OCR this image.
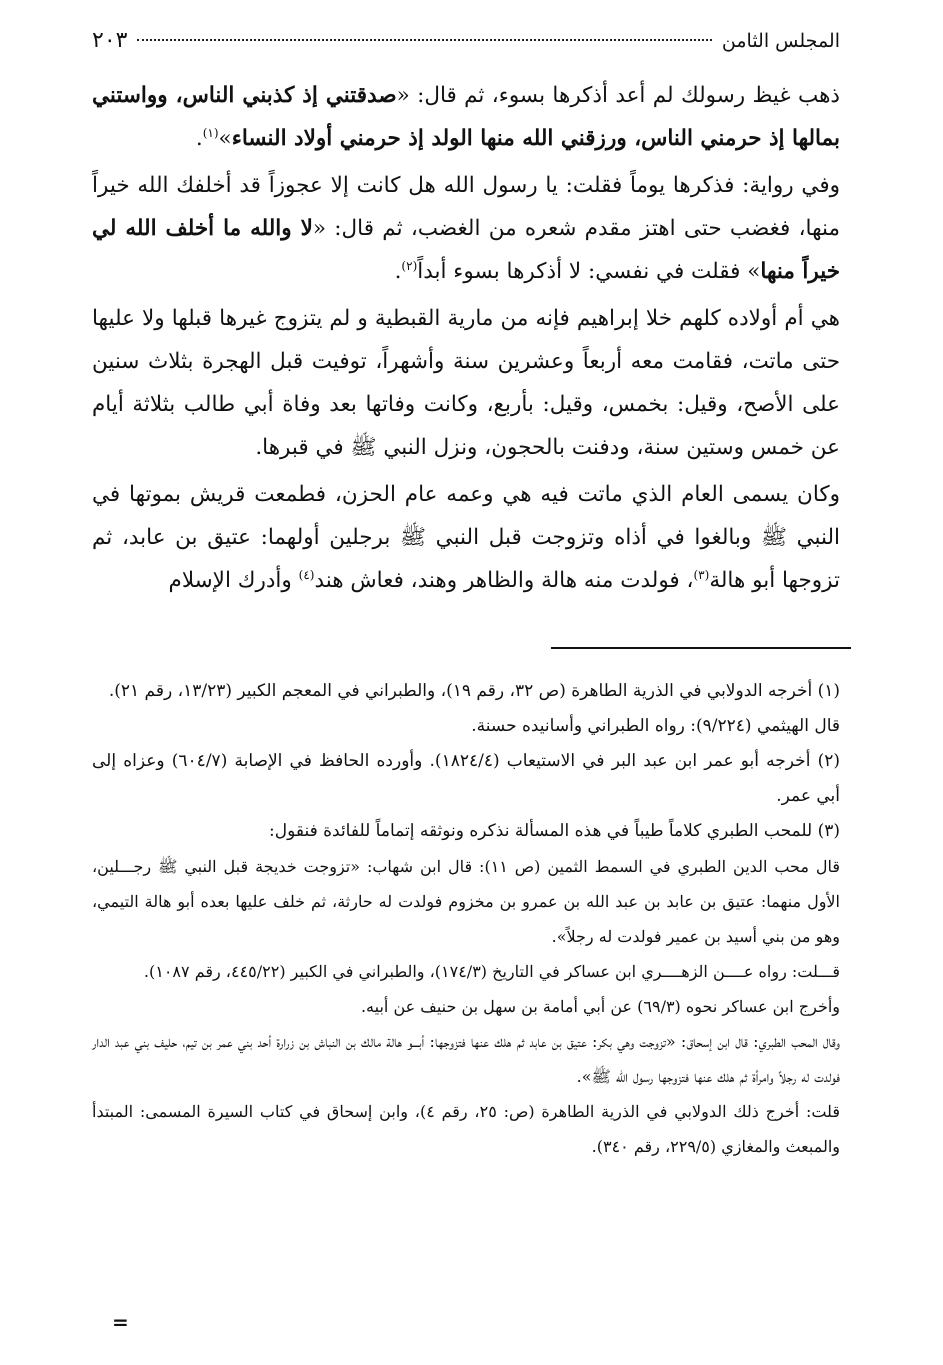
المجلس الثامن
٢٠٣

ذهب غيظ رسولك لم أعد أذكرها بسوء، ثم قال: «صدقتني إذ كذبني الناس، وواستني بمالها إذ حرمني الناس، ورزقني الله منها الولد إذ حرمني أولاد النساء»$^{(١)}$.

وفي رواية: فذكرها يوماً فقلت: يا رسول الله هل كانت إلا عجوزاً قد أخلفك الله خيراً منها، فغضب حتى اهتز مقدم شعره من الغضب، ثم قال: «لا والله ما أخلف الله لي خيراً منها» فقلت في نفسي: لا أذكرها بسوء أبداً$^{(٢)}$.

هي أم أولاده كلهم خلا إبراهيم فإنه من مارية القبطية و لم يتزوج غيرها قبلها ولا عليها حتى ماتت، فقامت معه أربعاً وعشرين سنة وأشهراً، توفيت قبل الهجرة بثلاث سنين على الأصح، وقيل: بخمس، وقيل: بأربع، وكانت وفاتها بعد وفاة أبي طالب بثلاثة أيام عن خمس وستين سنة، ودفنت بالحجون، ونزل النبي ﷺ في قبرها.

وكان يسمى العام الذي ماتت فيه هي وعمه عام الحزن، فطمعت قريش بموتها في النبي ﷺ وبالغوا في أذاه وتزوجت قبل النبي ﷺ برجلين أولهما: عتيق بن عابد، ثم تزوجها أبو هالة$^{(٣)}$، فولدت منه هالة والظاهر وهند، فعاش هند$^{(٤)}$ وأدرك الإسلام

(١) أخرجه الدولابي في الذرية الطاهرة (ص ٣٢، رقم ١٩)، والطبراني في المعجم الكبير (١٣/٢٣، رقم ٢١).

قال الهيثمي (٩/٢٢٤): رواه الطبراني وأسانيده حسنة.

(٢) أخرجه أبو عمر ابن عبد البر في الاستيعاب (١٨٢٤/٤). وأورده الحافظ في الإصابة (٦٠٤/٧) وعزاه إلى أبي عمر.

(٣) للمحب الطبري كلاماً طيباً في هذه المسألة نذكره ونوثقه إتماماً للفائدة فنقول:

قال محب الدين الطبري في السمط الثمين (ص ١١): قال ابن شهاب: «تزوجت خديجة قبل النبي ﷺ رجـــلين، الأول منهما: عتيق بن عابد بن عبد الله بن عمرو بن مخزوم فولدت له حارثة، ثم خلف عليها بعده أبو هالة التيمي، وهو من بني أسيد بن عمير فولدت له رجلاً».

قـــلت: رواه عــــن الزهــــري ابن عساكر في التاريخ (١٧٤/٣)، والطبراني في الكبير (٤٤٥/٢٢، رقم ١٠٨٧).

وأخرج ابن عساكر نحوه (٦٩/٣) عن أبي أمامة بن سهل بن حنيف عن أبيه.

وقال المحب الطبري: قال ابن إسحاق: «تزوجت وهي بكر: عتيق بن عابد ثم هلك عنها فتزوجها: أبـــو هالة مالك بن النباش بن زرارة أحد بني عمر بن تيم، حليف بني عبد الدار فولدت له رجلاً وامرأة ثم هلك عنها فتزوجها رسول الله ﷺ».

قلت: أخرج ذلك الدولابي في الذرية الطاهرة (ص: ٢٥، رقم ٤)، وابن إسحاق في كتاب السيرة المسمى: المبتدأ والمبعث والمغازي (٢٢٩/٥، رقم ٣٤٠).

=
